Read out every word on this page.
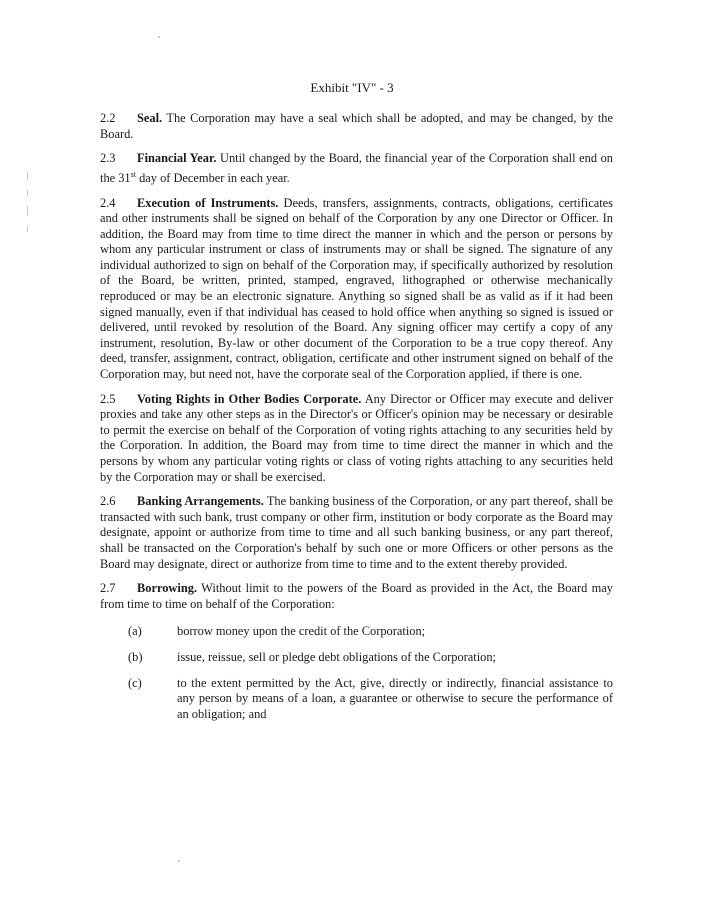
Exhibit "IV" - 3

2.2 Seal. The Corporation may have a seal which shall be adopted, and may be changed, by the Board.

2.3 Financial Year. Until changed by the Board, the financial year of the Corporation shall end on the 31st day of December in each year.

2.4 Execution of Instruments. Deeds, transfers, assignments, contracts, obligations, certificates and other instruments shall be signed on behalf of the Corporation by any one Director or Officer. In addition, the Board may from time to time direct the manner in which and the person or persons by whom any particular instrument or class of instruments may or shall be signed. The signature of any individual authorized to sign on behalf of the Corporation may, if specifically authorized by resolution of the Board, be written, printed, stamped, engraved, lithographed or otherwise mechanically reproduced or may be an electronic signature. Anything so signed shall be as valid as if it had been signed manually, even if that individual has ceased to hold office when anything so signed is issued or delivered, until revoked by resolution of the Board. Any signing officer may certify a copy of any instrument, resolution, By-law or other document of the Corporation to be a true copy thereof. Any deed, transfer, assignment, contract, obligation, certificate and other instrument signed on behalf of the Corporation may, but need not, have the corporate seal of the Corporation applied, if there is one.

2.5 Voting Rights in Other Bodies Corporate. Any Director or Officer may execute and deliver proxies and take any other steps as in the Director's or Officer's opinion may be necessary or desirable to permit the exercise on behalf of the Corporation of voting rights attaching to any securities held by the Corporation. In addition, the Board may from time to time direct the manner in which and the persons by whom any particular voting rights or class of voting rights attaching to any securities held by the Corporation may or shall be exercised.

2.6 Banking Arrangements. The banking business of the Corporation, or any part thereof, shall be transacted with such bank, trust company or other firm, institution or body corporate as the Board may designate, appoint or authorize from time to time and all such banking business, or any part thereof, shall be transacted on the Corporation's behalf by such one or more Officers or other persons as the Board may designate, direct or authorize from time to time and to the extent thereby provided.

2.7 Borrowing. Without limit to the powers of the Board as provided in the Act, the Board may from time to time on behalf of the Corporation:

(a)	borrow money upon the credit of the Corporation;
(b)	issue, reissue, sell or pledge debt obligations of the Corporation;
(c)	to the extent permitted by the Act, give, directly or indirectly, financial assistance to any person by means of a loan, a guarantee or otherwise to secure the performance of an obligation; and
